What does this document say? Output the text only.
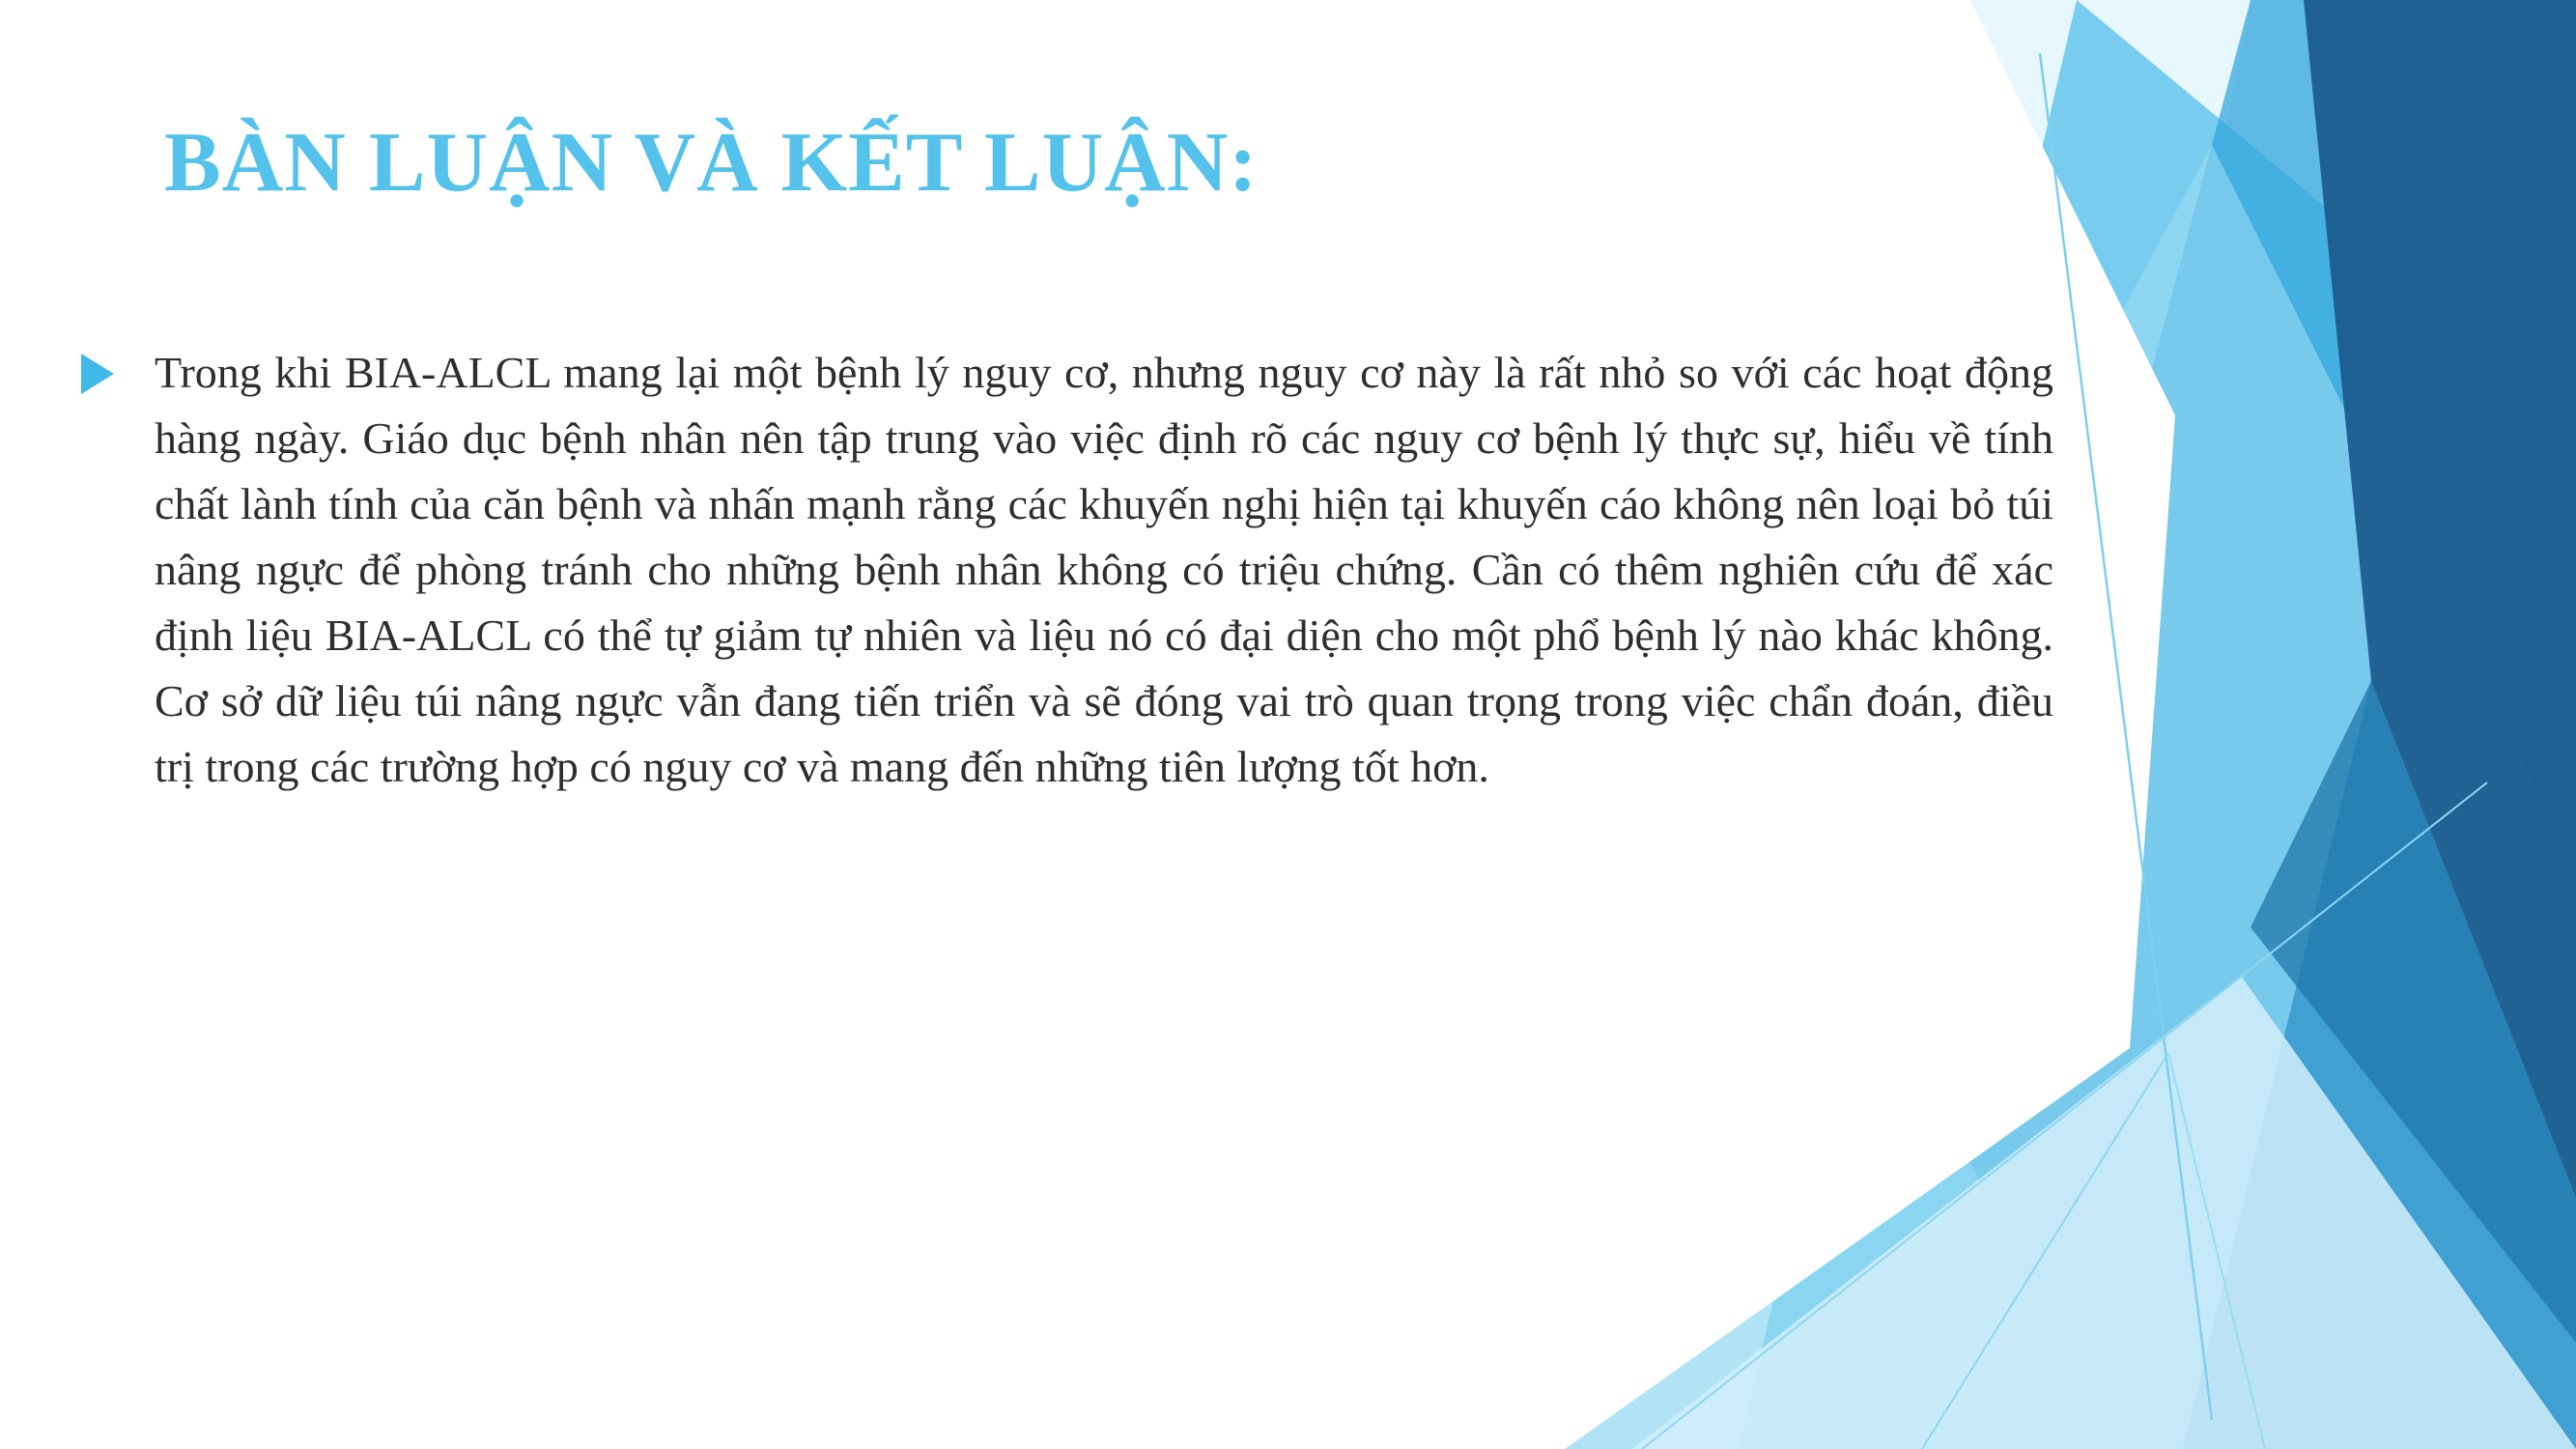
BÀN LUẬN VÀ KẾT LUẬN:

Trong khi BIA-ALCL mang lại một bệnh lý nguy cơ, nhưng nguy cơ này là rất nhỏ so với các hoạt động hàng ngày. Giáo dục bệnh nhân nên tập trung vào việc định rõ các nguy cơ bệnh lý thực sự, hiểu về tính chất lành tính của căn bệnh và nhấn mạnh rằng các khuyến nghị hiện tại khuyến cáo không nên loại bỏ túi nâng ngực để phòng tránh cho những bệnh nhân không có triệu chứng. Cần có thêm nghiên cứu để xác định liệu BIA-ALCL có thể tự giảm tự nhiên và liệu nó có đại diện cho một phổ bệnh lý nào khác không. Cơ sở dữ liệu túi nâng ngực vẫn đang tiến triển và sẽ đóng vai trò quan trọng trong việc chẩn đoán, điều trị trong các trường hợp có nguy cơ và mang đến những tiên lượng tốt hơn.
